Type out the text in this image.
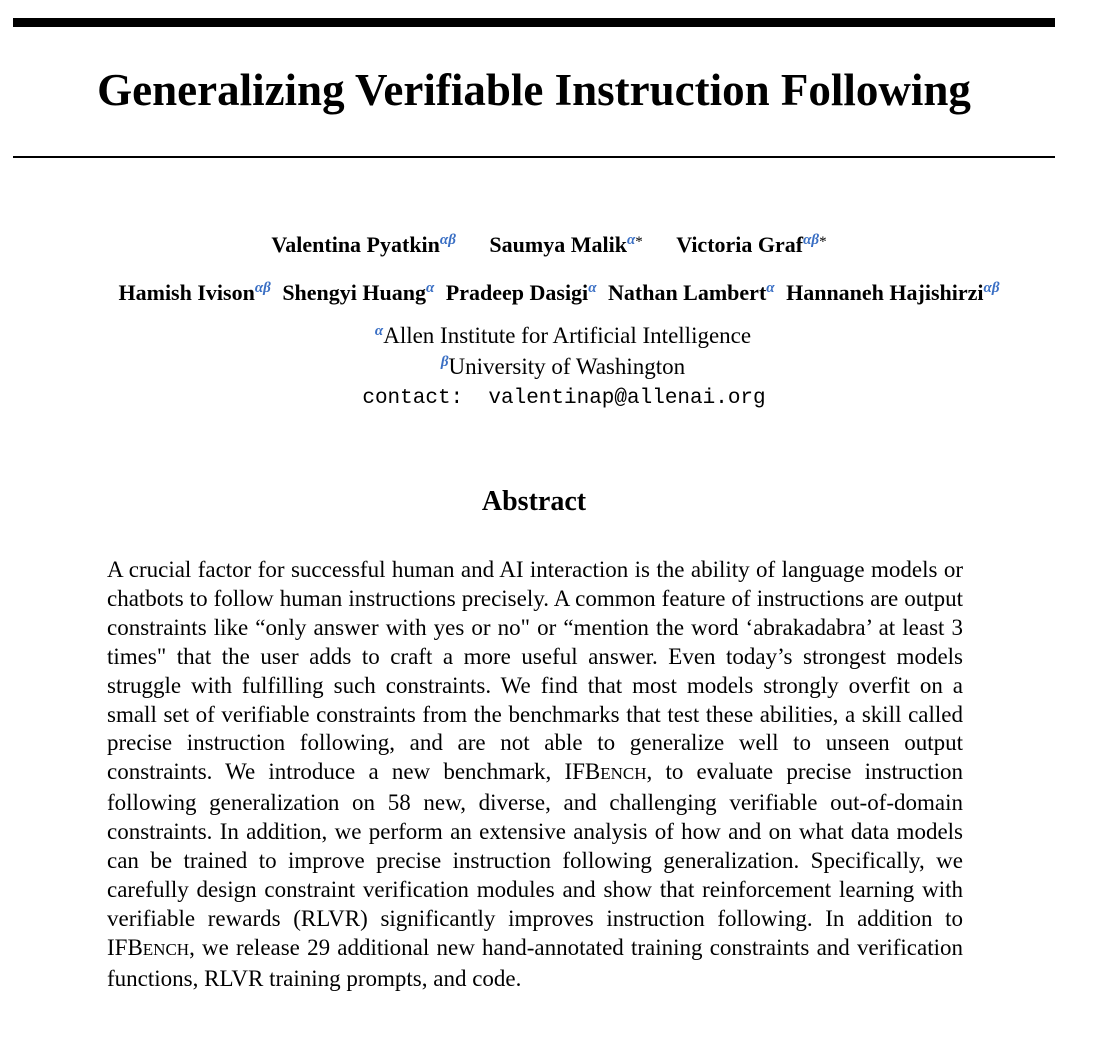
Generalizing Verifiable Instruction Following
Valentina Pyatkin$^{\alpha\beta}$ Saumya Malik$^{\alpha*}$ Victoria Graf$^{\alpha\beta*}$
Hamish Ivison$^{\alpha\beta}$ Shengyi Huang$^\alpha$ Pradeep Dasigi$^\alpha$ Nathan Lambert$^\alpha$ Hannaneh Hajishirzi$^{\alpha\beta}$
$^\alpha$Allen Institute for Artificial Intelligence
$^\beta$University of Washington
contact: valentinap@allenai.org
Abstract
A crucial factor for successful human and AI interaction is the ability of language models or chatbots to follow human instructions precisely. A common feature of instructions are output constraints like “only answer with yes or no" or “mention the word ‘abrakadabra’ at least 3 times" that the user adds to craft a more useful answer. Even today’s strongest models struggle with fulfilling such constraints. We find that most models strongly overfit on a small set of verifiable constraints from the benchmarks that test these abilities, a skill called precise instruction following, and are not able to generalize well to unseen output constraints. We introduce a new benchmark, IFBENCH, to evaluate precise instruction following generalization on 58 new, diverse, and challenging verifiable out-of-domain constraints. In addition, we perform an extensive analysis of how and on what data models can be trained to improve precise instruction following generalization. Specifically, we carefully design constraint verification modules and show that reinforcement learning with verifiable rewards (RLVR) significantly improves instruction following. In addition to IFBENCH, we release 29 additional new hand-annotated training constraints and verification functions, RLVR training prompts, and code.
